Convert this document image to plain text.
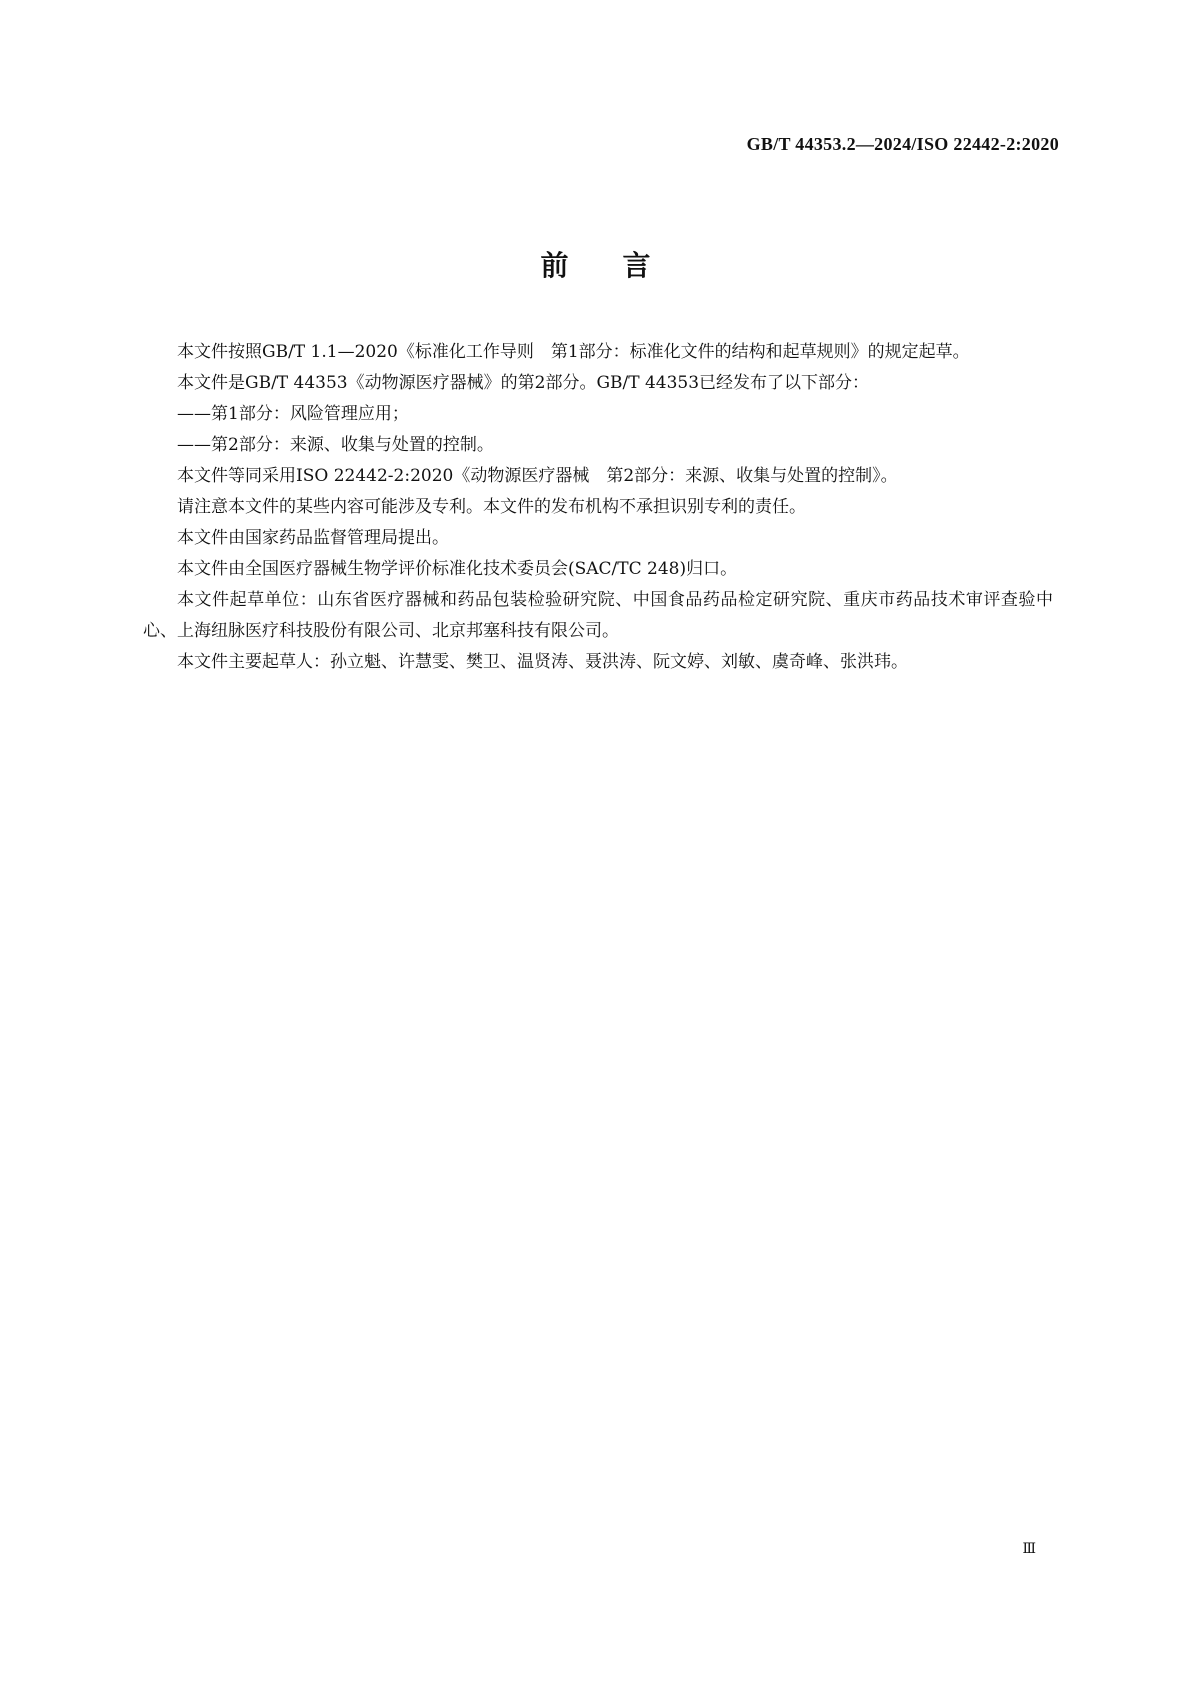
GB/T 44353.2—2024/ISO 22442-2:2020
前言

本文件按照GB/T 1.1—2020《标准化工作导则　第1部分：标准化文件的结构和起草规则》的规定起草。

本文件是GB/T 44353《动物源医疗器械》的第2部分。GB/T 44353已经发布了以下部分：

——第1部分：风险管理应用；

——第2部分：来源、收集与处置的控制。

本文件等同采用ISO 22442-2:2020《动物源医疗器械　第2部分：来源、收集与处置的控制》。

请注意本文件的某些内容可能涉及专利。本文件的发布机构不承担识别专利的责任。

本文件由国家药品监督管理局提出。

本文件由全国医疗器械生物学评价标准化技术委员会(SAC/TC 248)归口。

本文件起草单位：山东省医疗器械和药品包装检验研究院、中国食品药品检定研究院、重庆市药品技术审评查验中心、上海纽脉医疗科技股份有限公司、北京邦塞科技有限公司。

本文件主要起草人：孙立魁、许慧雯、樊卫、温贤涛、聂洪涛、阮文婷、刘敏、虞奇峰、张洪玮。

Ⅲ
